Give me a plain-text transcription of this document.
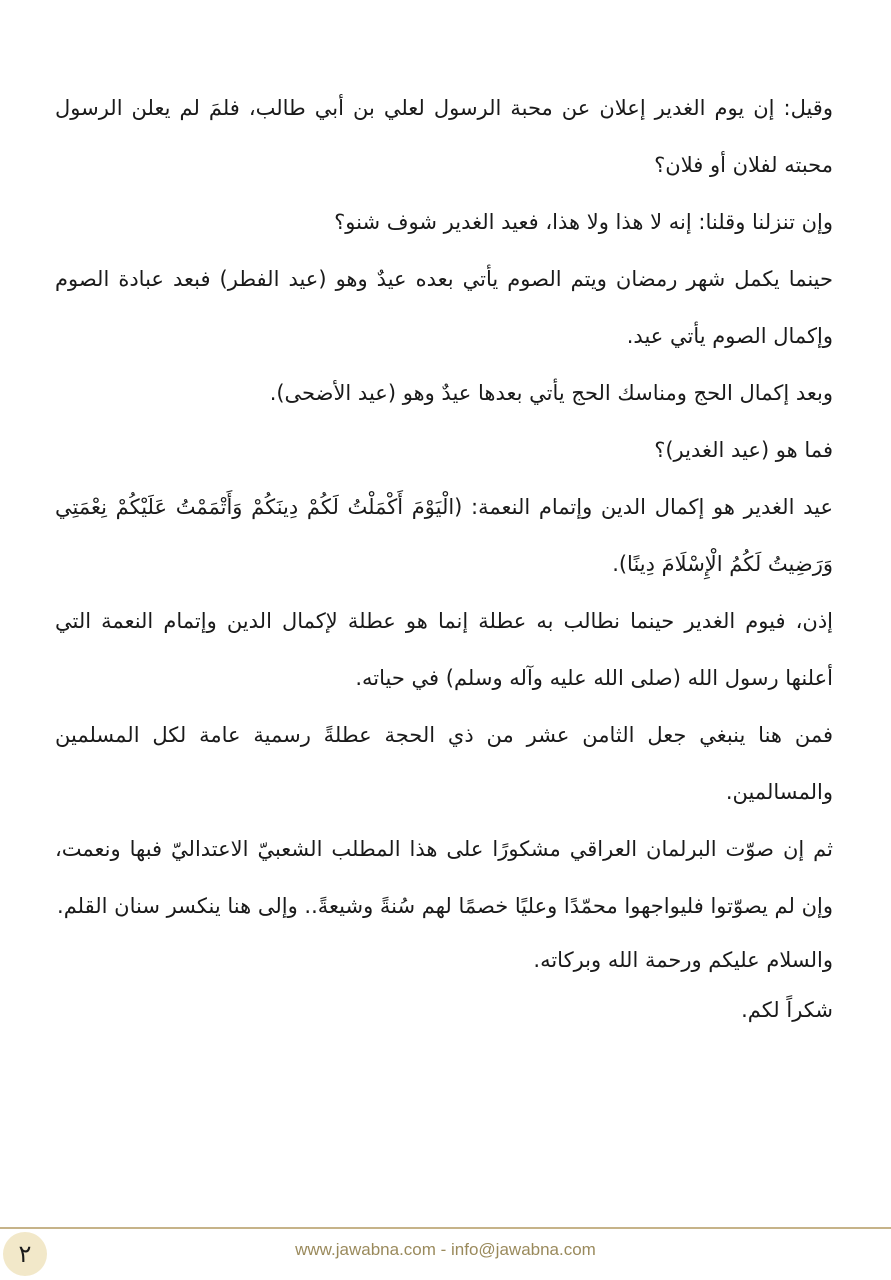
وقيل: إن يوم الغدير إعلان عن محبة الرسول لعلي بن أبي طالب، فلمَ لم يعلن الرسول محبته لفلان أو فلان؟

وإن تنزلنا وقلنا: إنه لا هذا ولا هذا، فعيد الغدير شوف شنو؟

حينما يكمل شهر رمضان ويتم الصوم يأتي بعده عيدٌ وهو (عيد الفطر) فبعد عبادة الصوم وإكمال الصوم يأتي عيد.

وبعد إكمال الحج ومناسك الحج يأتي بعدها عيدٌ وهو (عيد الأضحى).

فما هو (عيد الغدير)؟

عيد الغدير هو إكمال الدين وإتمام النعمة: (الْيَوْمَ أَكْمَلْتُ لَكُمْ دِينَكُمْ وَأَتْمَمْتُ عَلَيْكُمْ نِعْمَتِي وَرَضِيتُ لَكُمُ الْإِسْلَامَ دِينًا).

إذن، فيوم الغدير حينما نطالب به عطلة إنما هو عطلة لإكمال الدين وإتمام النعمة التي أعلنها رسول الله (صلى الله عليه وآله وسلم) في حياته.

فمن هنا ينبغي جعل الثامن عشر من ذي الحجة عطلةً رسمية عامة لكل المسلمين والمسالمين.

ثم إن صوّت البرلمان العراقي مشكورًا على هذا المطلب الشعبيّ الاعتداليّ فبها ونعمت، وإن لم يصوّتوا فليواجهوا محمّدًا وعليًا خصمًا لهم سُنةً وشيعةً.. وإلى هنا ينكسر سنان القلم.

والسلام عليكم ورحمة الله وبركاته.

شكراً لكم.

٢	www.jawabna.com - info@jawabna.com
